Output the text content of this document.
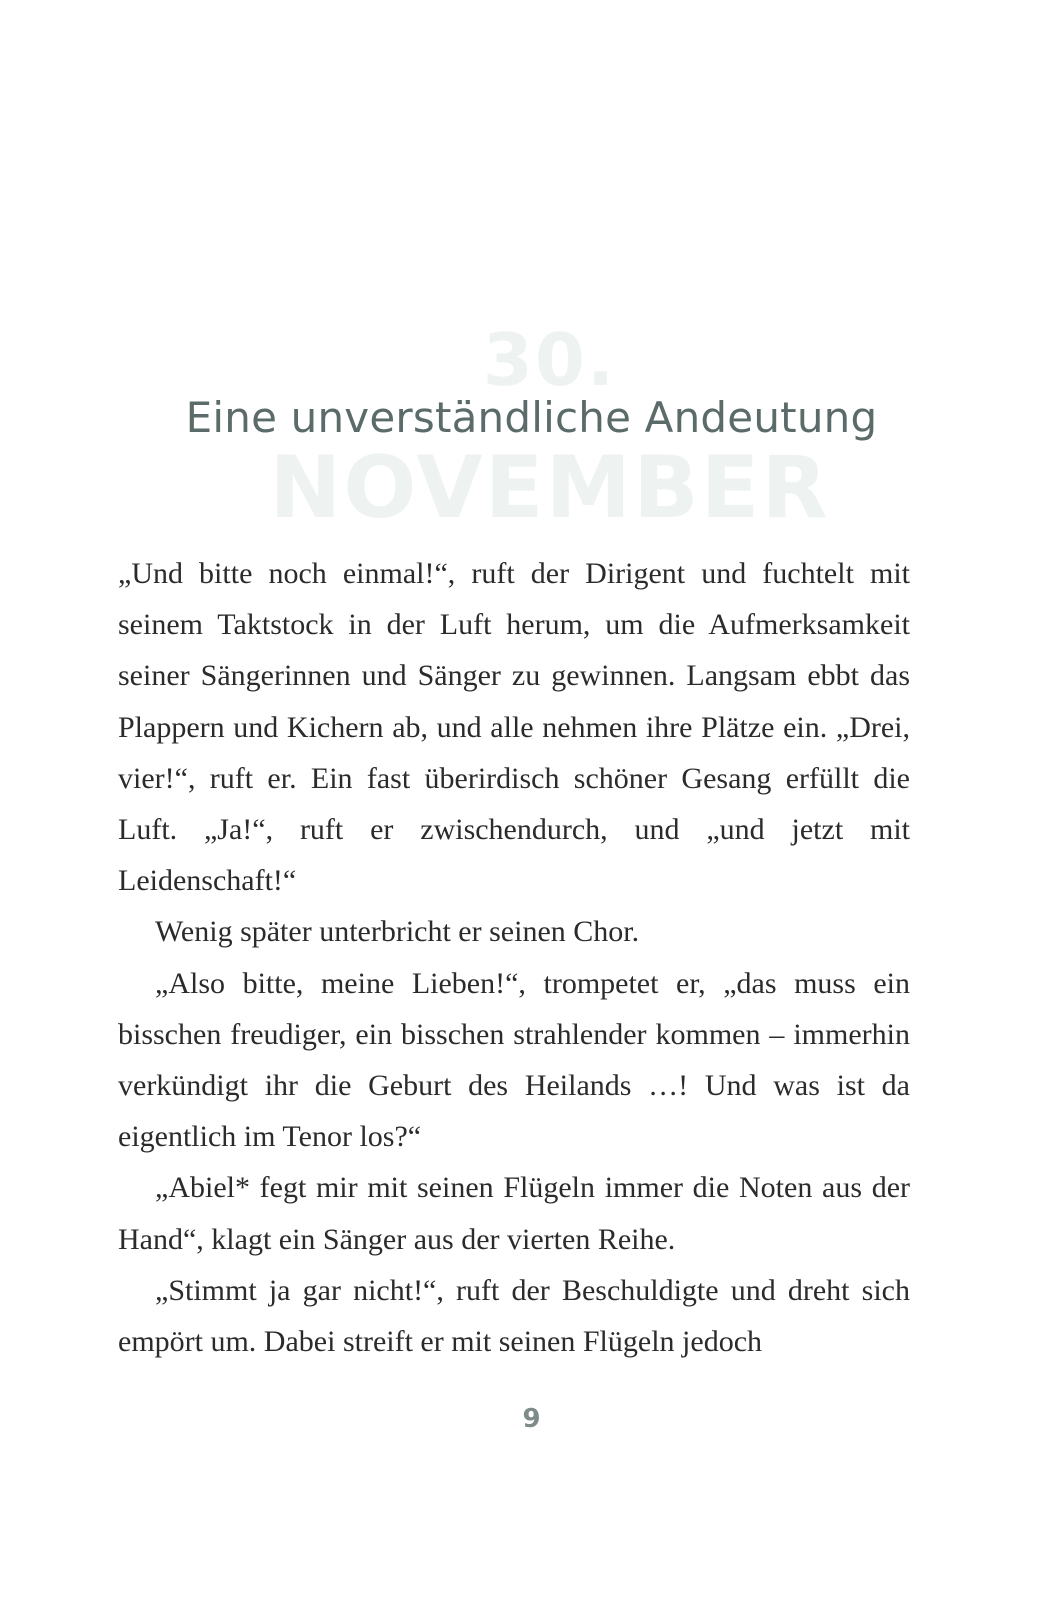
30.
NOVEMBER
Eine unverständliche Andeutung

„Und bitte noch einmal!“, ruft der Dirigent und fuchtelt mit seinem Taktstock in der Luft herum, um die Aufmerksamkeit seiner Sängerinnen und Sänger zu gewinnen. Langsam ebbt das Plappern und Kichern ab, und alle nehmen ihre Plätze ein. „Drei, vier!“, ruft er. Ein fast überirdisch schöner Gesang erfüllt die Luft. „Ja!“, ruft er zwischendurch, und „und jetzt mit Leidenschaft!“

Wenig später unterbricht er seinen Chor.

„Also bitte, meine Lieben!“, trompetet er, „das muss ein bisschen freudiger, ein bisschen strahlender kommen – immerhin verkündigt ihr die Geburt des Heilands …! Und was ist da eigentlich im Tenor los?“

„Abiel* fegt mir mit seinen Flügeln immer die Noten aus der Hand“, klagt ein Sänger aus der vierten Reihe.

„Stimmt ja gar nicht!“, ruft der Beschuldigte und dreht sich empört um. Dabei streift er mit seinen Flügeln jedoch

9
